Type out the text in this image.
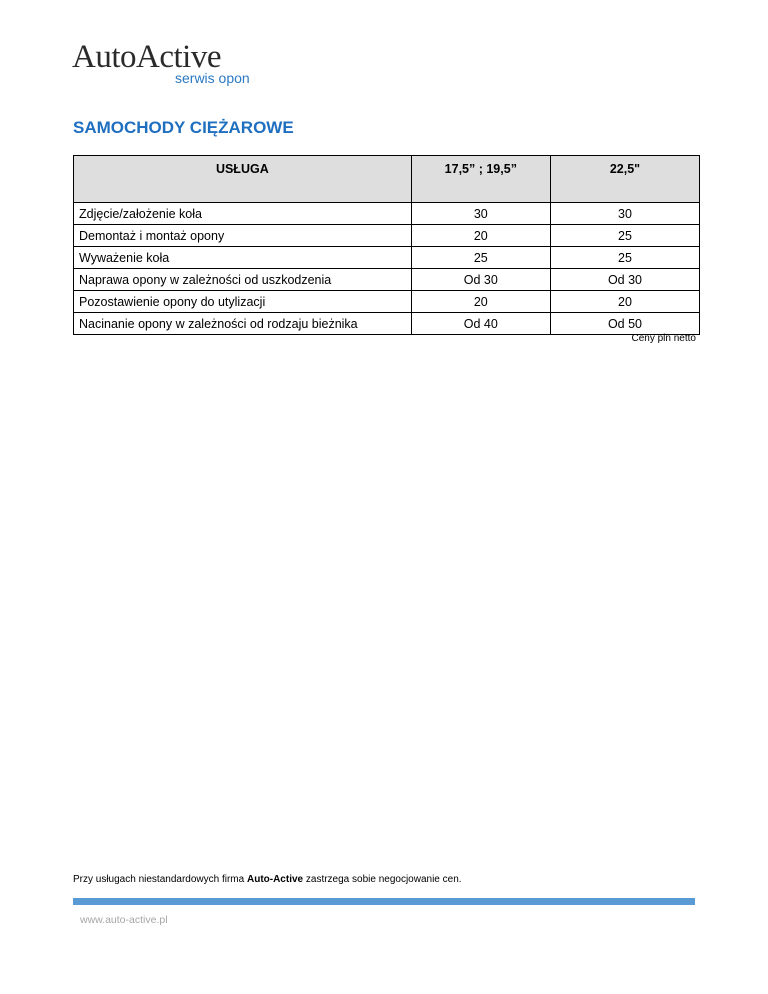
AutoActive
serwis opon
SAMOCHODY CIĘŻAROWE
USŁUGA	17,5” ; 19,5”	22,5"
Zdjęcie/założenie koła	30	30
Demontaż i montaż opony	20	25
Wyważenie koła	25	25
Naprawa opony w zależności od uszkodzenia	Od 30	Od 30
Pozostawienie opony do utylizacji	20	20
Nacinanie opony w zależności od rodzaju bieżnika	Od 40	Od 50
Ceny pln netto
Przy usługach niestandardowych firma Auto-Active zastrzega sobie negocjowanie cen.
www.auto-active.pl
